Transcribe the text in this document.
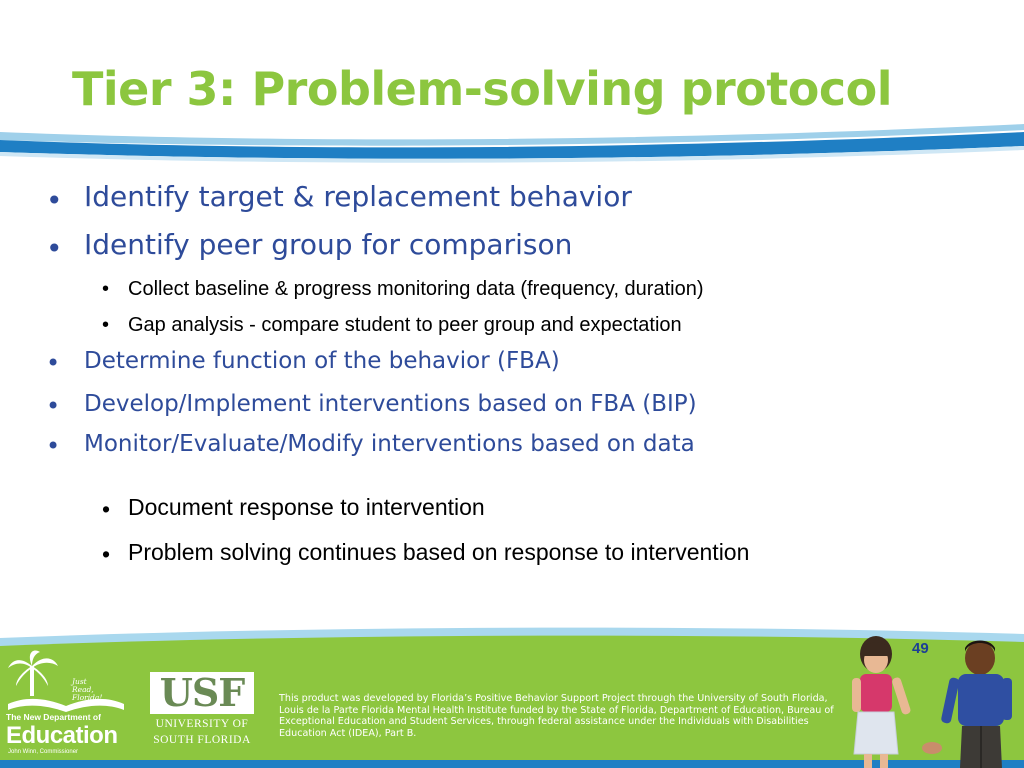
Tier 3: Problem-solving protocol
• Identify target & replacement behavior
• Identify peer group for comparison
• Collect baseline & progress monitoring data (frequency, duration)
• Gap analysis - compare student to peer group and expectation
• Determine function of the behavior (FBA)
• Develop/Implement interventions based on FBA (BIP)
• Monitor/Evaluate/Modify interventions based on data
• Document response to intervention
• Problem solving continues based on response to intervention
49
Just
Read,
Florida!
The New Department of
Education
John Winn, Commissioner
USF
UNIVERSITY OF
SOUTH FLORIDA
This product was developed by Florida’s Positive Behavior Support Project through the University of South Florida, Louis de la Parte Florida Mental Health Institute funded by the State of Florida, Department of Education, Bureau of Exceptional Education and Student Services, through federal assistance under the Individuals with Disabilities Education Act (IDEA), Part B.
